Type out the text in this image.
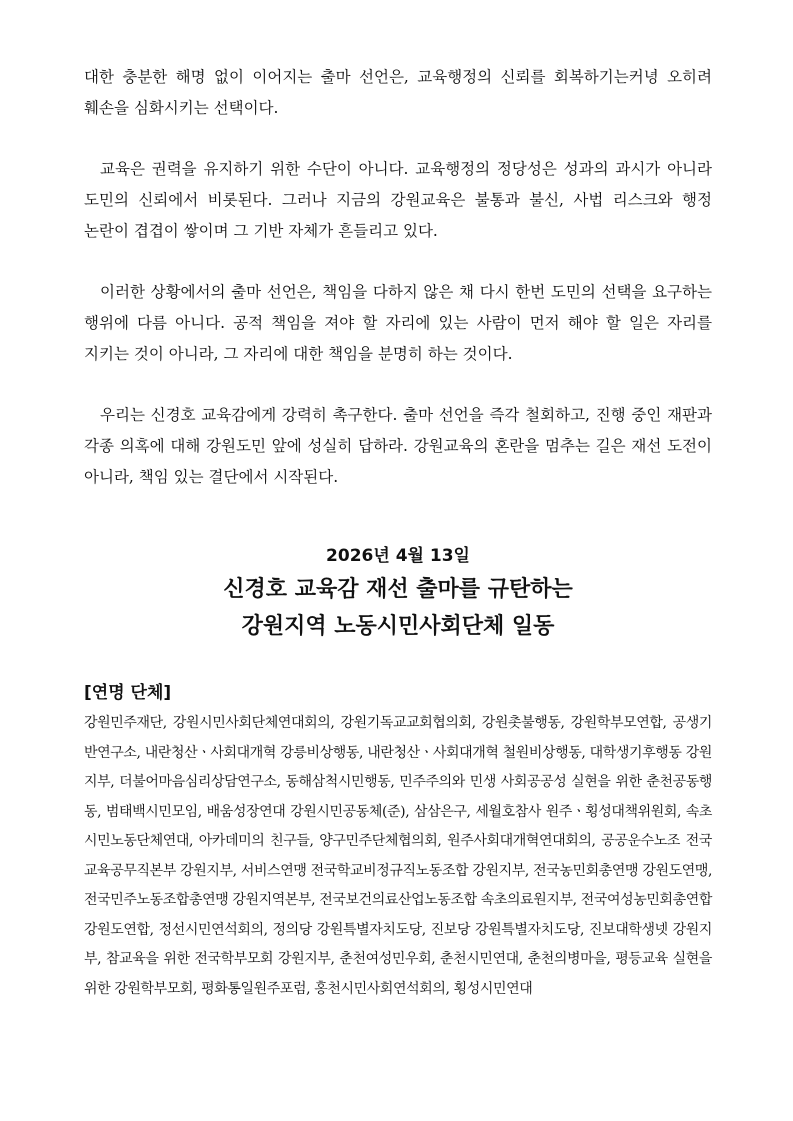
대한 충분한 해명 없이 이어지는 출마 선언은, 교육행정의 신뢰를 회복하기는커녕 오히려 훼손을 심화시키는 선택이다.

교육은 권력을 유지하기 위한 수단이 아니다. 교육행정의 정당성은 성과의 과시가 아니라 도민의 신뢰에서 비롯된다. 그러나 지금의 강원교육은 불통과 불신, 사법 리스크와 행정 논란이 겹겹이 쌓이며 그 기반 자체가 흔들리고 있다.

이러한 상황에서의 출마 선언은, 책임을 다하지 않은 채 다시 한번 도민의 선택을 요구하는 행위에 다름 아니다. 공적 책임을 져야 할 자리에 있는 사람이 먼저 해야 할 일은 자리를 지키는 것이 아니라, 그 자리에 대한 책임을 분명히 하는 것이다.

우리는 신경호 교육감에게 강력히 촉구한다. 출마 선언을 즉각 철회하고, 진행 중인 재판과 각종 의혹에 대해 강원도민 앞에 성실히 답하라. 강원교육의 혼란을 멈추는 길은 재선 도전이 아니라, 책임 있는 결단에서 시작된다.

2026년 4월 13일

신경호 교육감 재선 출마를 규탄하는

강원지역 노동시민사회단체 일동

[연명 단체]

강원민주재단, 강원시민사회단체연대회의, 강원기독교교회협의회, 강원촛불행동, 강원학부모연합, 공생기반연구소, 내란청산ㆍ사회대개혁 강릉비상행동, 내란청산ㆍ사회대개혁 철원비상행동, 대학생기후행동 강원지부, 더불어마음심리상담연구소, 동해삼척시민행동, 민주주의와 민생 사회공공성 실현을 위한 춘천공동행동, 범태백시민모임, 배움성장연대 강원시민공동체(준), 삼삼은구, 세월호참사 원주ㆍ횡성대책위원회, 속초시민노동단체연대, 아카데미의 친구들, 양구민주단체협의회, 원주사회대개혁연대회의, 공공운수노조 전국교육공무직본부 강원지부, 서비스연맹 전국학교비정규직노동조합 강원지부, 전국농민회총연맹 강원도연맹, 전국민주노동조합총연맹 강원지역본부, 전국보건의료산업노동조합 속초의료원지부, 전국여성농민회총연합 강원도연합, 정선시민연석회의, 정의당 강원특별자치도당, 진보당 강원특별자치도당, 진보대학생넷 강원지부, 참교육을 위한 전국학부모회 강원지부, 춘천여성민우회, 춘천시민연대, 춘천의병마을, 평등교육 실현을 위한 강원학부모회, 평화통일원주포럼, 홍천시민사회연석회의, 횡성시민연대
